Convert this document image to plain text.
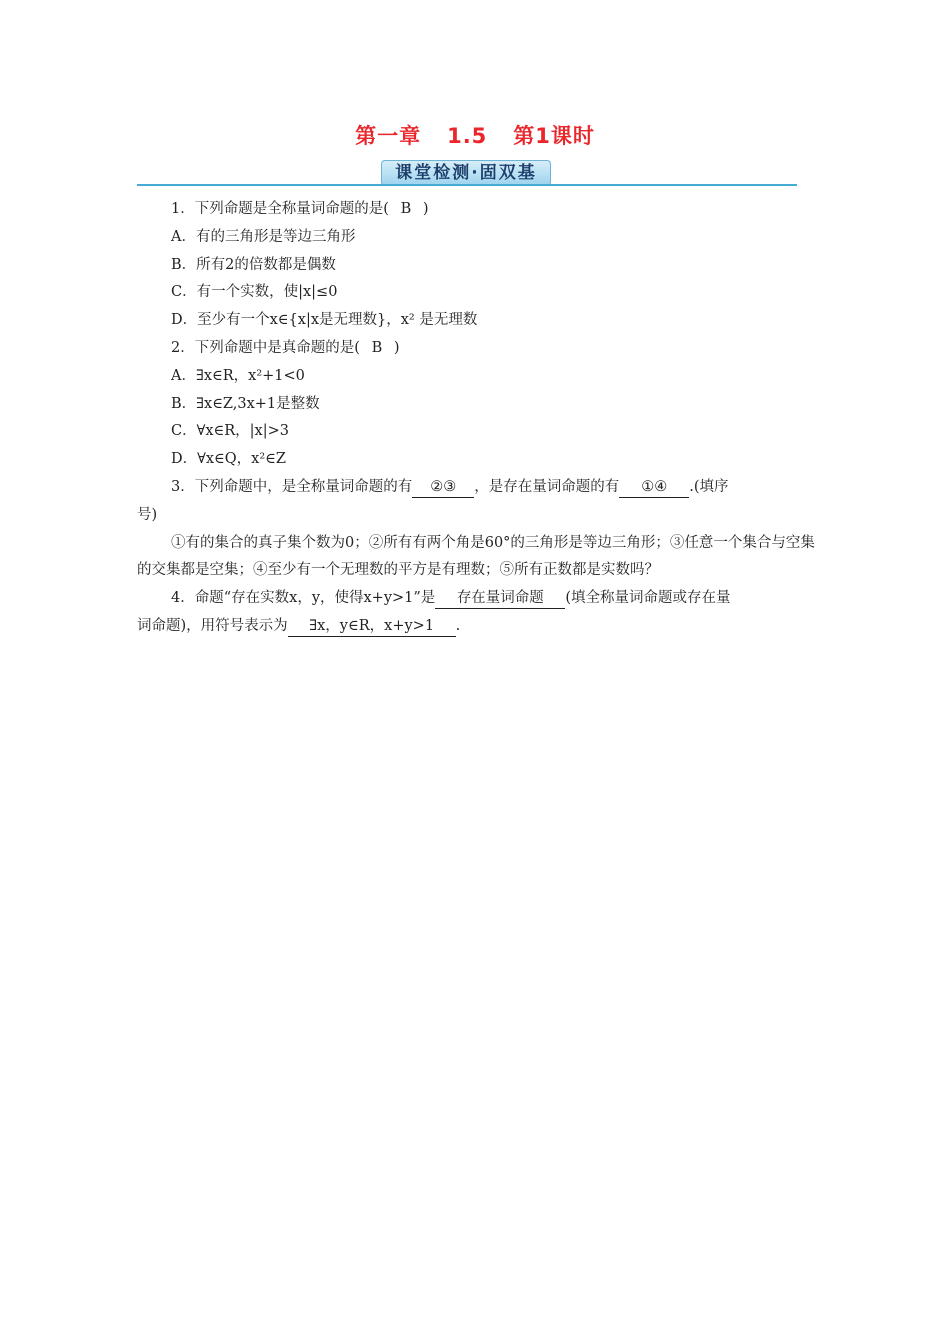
第一章 1.5 第1课时
课堂检测·固双基
1．下列命题是全称量词命题的是( B )
A．有的三角形是等边三角形
B．所有2的倍数都是偶数
C．有一个实数，使|x|≤0
D．至少有一个x∈{x|x是无理数}，x² 是无理数
2．下列命题中是真命题的是( B )
A．∃x∈R，x²+1<0
B．∃x∈Z,3x+1是整数
C．∀x∈R，|x|>3
D．∀x∈Q，x²∈Z
3．下列命题中，是全称量词命题的有 ②③ ，是存在量词命题的有 ①④ .(填序
号)
①有的集合的真子集个数为0；②所有有两个角是60°的三角形是等边三角形；③任意一个集合与空集的交集都是空集；④至少有一个无理数的平方是有理数；⑤所有正数都是实数吗？
4．命题“存在实数x，y，使得x+y>1”是 存在量词命题 (填全称量词命题或存在量
词命题)，用符号表示为 ∃x，y∈R，x+y>1 .
